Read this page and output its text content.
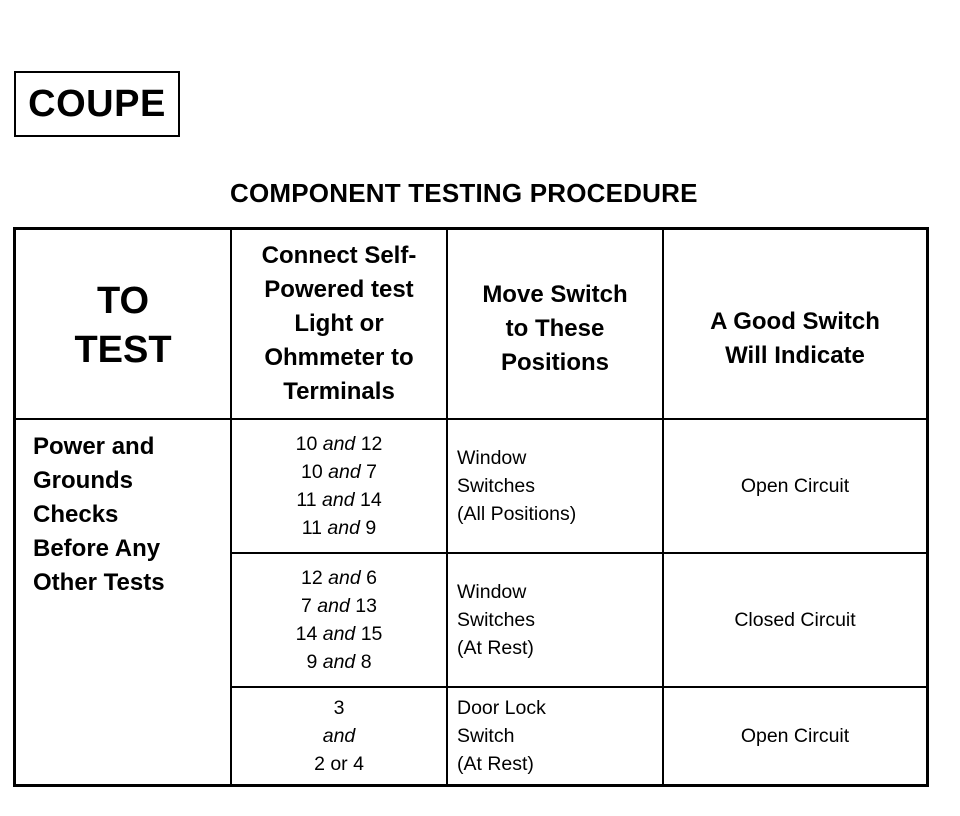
COUPE
COMPONENT TESTING PROCEDURE
TO
TEST
Connect Self-
Powered test
Light or
Ohmmeter to
Terminals
Move Switch
to These
Positions
A Good Switch
Will Indicate
Power and
Grounds
Checks
Before Any
Other Tests
10 and 12
10 and 7
11 and 14
11 and 9
Window
Switches
(All Positions)
Open Circuit
12 and 6
7 and 13
14 and 15
9 and 8
Window
Switches
(At Rest)
Closed Circuit
3
and
2 or 4
Door Lock
Switch
(At Rest)
Open Circuit
